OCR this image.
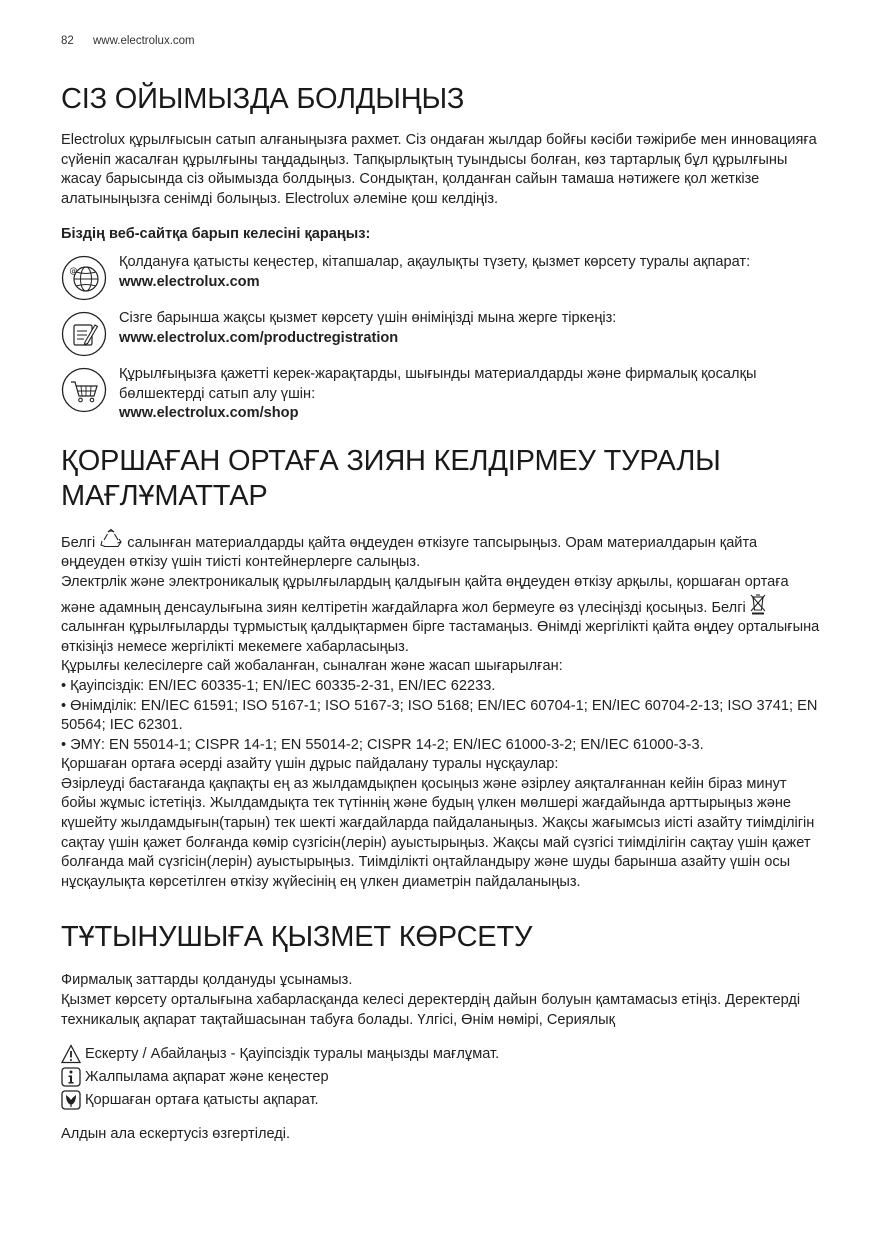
82 www.electrolux.com
СІЗ ОЙЫМЫЗДА БОЛДЫҢЫЗ

Electrolux құрылғысын сатып алғаныңызға рахмет. Сіз ондаған жылдар бойғы кәсіби тәжірибе мен инновацияға сүйеніп жасалған құрылғыны таңдадыңыз. Тапқырлықтың туындысы болған, көз тартарлық бұл құрылғыны жасау барысында сіз ойымызда болдыңыз. Сондықтан, қолданған сайын тамаша нәтижеге қол жеткізе алатыныңызға сенімді болыңыз. Electrolux әлеміне қош келдіңіз.

Біздің веб-сайтқа барып келесіні қараңыз:

@

Қолдануға қатысты кеңестер, кітапшалар, ақаулықты түзету, қызмет көрсету туралы ақпарат:

www.electrolux.com

Сізге барынша жақсы қызмет көрсету үшін өніміңізді мына жерге тіркеңіз:

www.electrolux.com/productregistration

Құрылғыңызға қажетті керек-жарақтарды, шығынды материалдарды және фирмалық қосалқы бөлшектерді сатып алу үшін:

www.electrolux.com/shop

ҚОРШАҒАН ОРТАҒА ЗИЯН КЕЛДІРМЕУ ТУРАЛЫ МАҒЛҰМАТТАР

Белгі салынған материалдарды қайта өңдеуден өткізуге тапсырыңыз. Орам материалдарын қайта өңдеуден өткізу үшін тиісті контейнерлерге салыңыз.

Электрлік және электроникалық құрылғылардың қалдығын қайта өңдеуден өткізу арқылы, қоршаған ортаға және адамның денсаулығына зиян келтіретін жағдайларға жол бермеуге өз үлесіңізді қосыңыз. Белгісалынған құрылғыларды тұрмыстық қалдықтармен бірге тастамаңыз. Өнімді жергілікті қайта өңдеу орталығына өткізіңіз немесе жергілікті мекемеге хабарласыңыз.

Құрылғы келесілерге сай жобаланған, сыналған және жасап шығарылған:

• Қауіпсіздік: EN/IEC 60335-1; EN/IEC 60335-2-31, EN/IEC 62233.

• Өнімділік: EN/IEC 61591; ISO 5167-1; ISO 5167-3; ISO 5168; EN/IEC 60704-1; EN/IEC 60704-2-13; ISO 3741; EN 50564; IEC 62301.

• ЭМҮ: EN 55014-1; CISPR 14-1; EN 55014-2; CISPR 14-2; EN/IEC 61000-3-2; EN/IEC 61000-3-3.

Қоршаған ортаға әсерді азайту үшін дұрыс пайдалану туралы нұсқаулар:

Әзірлеуді бастағанда қақпақты ең аз жылдамдықпен қосыңыз және әзірлеу аяқталғаннан кейін біраз минут бойы жұмыс істетіңіз. Жылдамдықта тек түтіннің және будың үлкен мөлшері жағдайында арттырыңыз және күшейту жылдамдығын(тарын) тек шекті жағдайларда пайдаланыңыз. Жақсы жағымсыз иісті азайту тиімділігін сақтау үшін қажет болғанда көмір сүзгісін(лерін) ауыстырыңыз. Жақсы май сүзгісі тиімділігін сақтау үшін қажет болғанда май сүзгісін(лерін) ауыстырыңыз. Тиімділікті оңтайландыру және шуды барынша азайту үшін осы нұсқаулықта көрсетілген өткізу жүйесінің ең үлкен диаметрін пайдаланыңыз.

ТҰТЫНУШЫҒА ҚЫЗМЕТ КӨРСЕТУ

Фирмалық заттарды қолдануды ұсынамыз.

Қызмет көрсету орталығына хабарласқанда келесі деректердің дайын болуын қамтамасыз етіңіз. Деректерді техникалық ақпарат тақтайшасынан табуға болады. Үлгісі, Өнім нөмірі, Сериялық

Ескерту / Абайлаңыз - Қауіпсіздік туралы маңызды мағлұмат.
Жалпылама ақпарат және кеңестер
Қоршаған ортаға қатысты ақпарат.

Алдын ала ескертусіз өзгертіледі.
